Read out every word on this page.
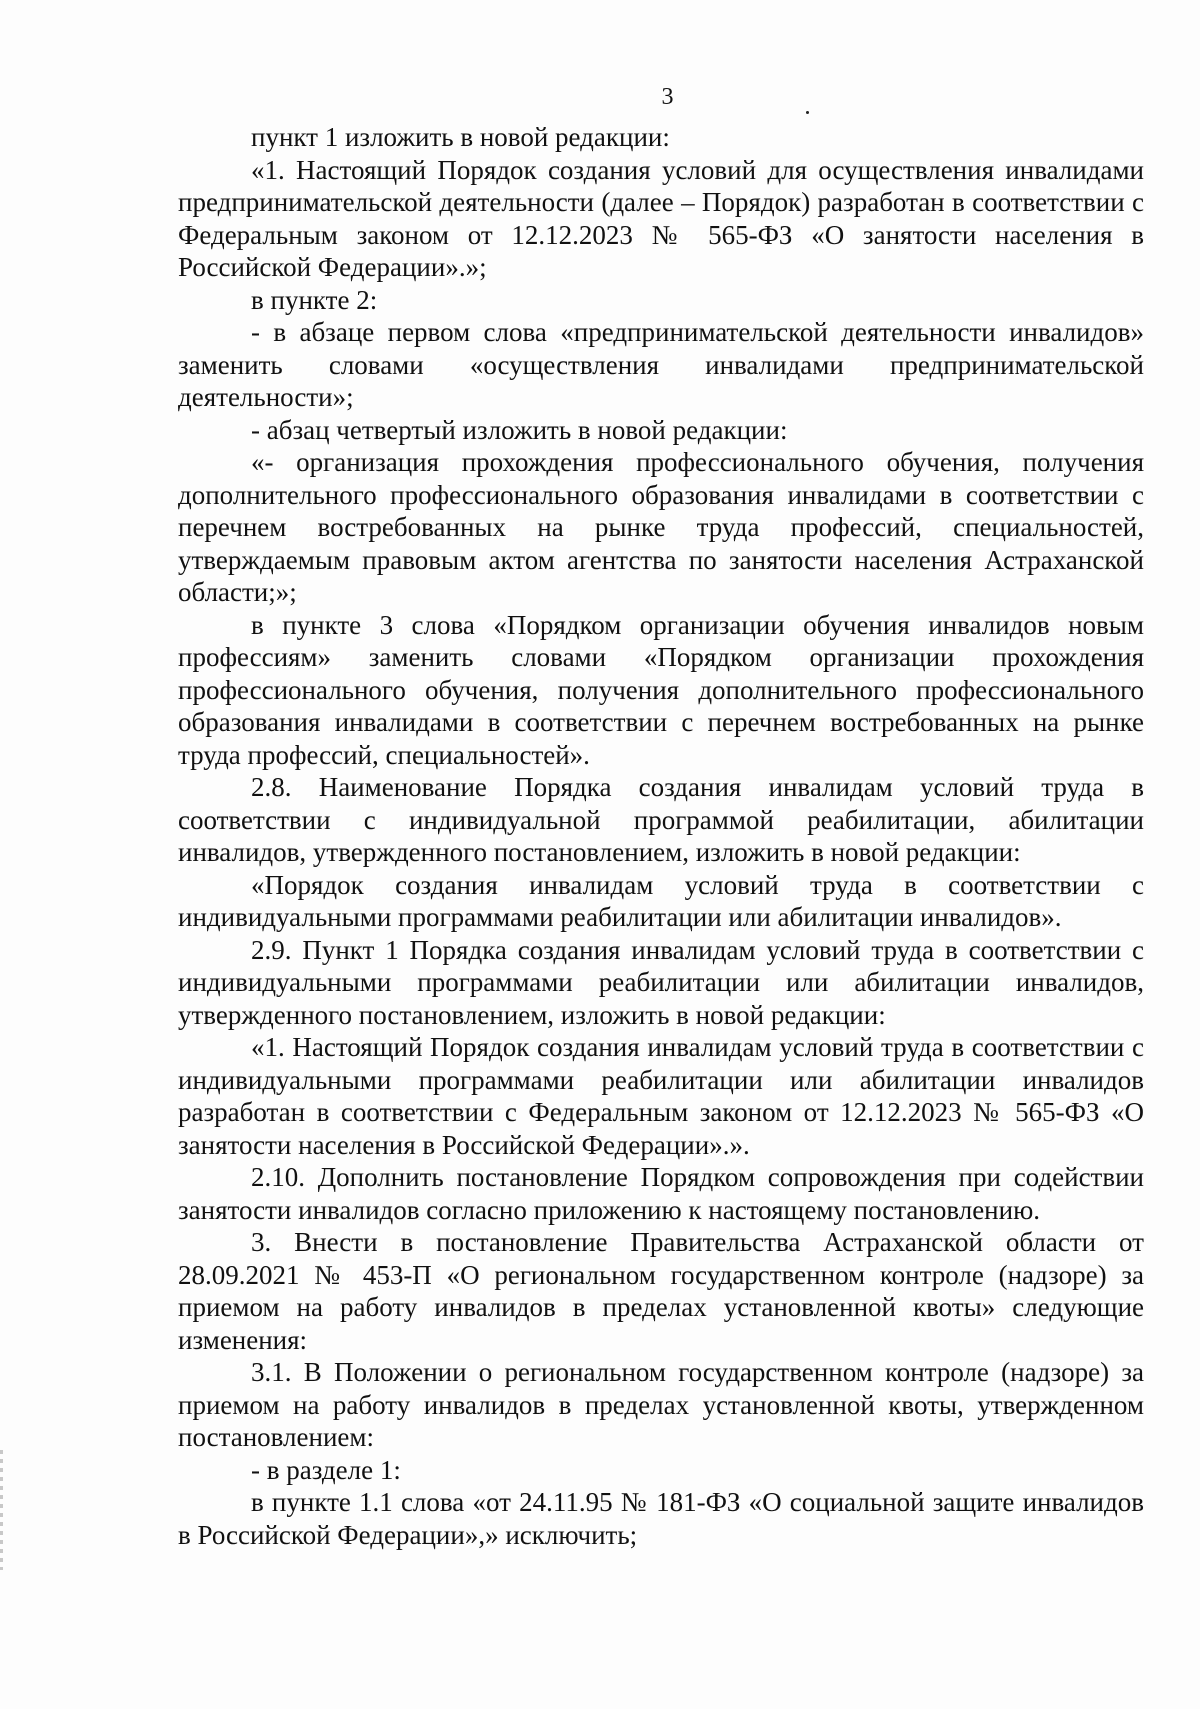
3

пункт 1 изложить в новой редакции:

«1. Настоящий Порядок создания условий для осуществления инвалидами предпринимательской деятельности (далее – Порядок) разработан в соответствии с Федеральным законом от 12.12.2023 № 565-ФЗ «О занятости населения в Российской Федерации».»;

в пункте 2:

- в абзаце первом слова «предпринимательской деятельности инвалидов» заменить словами «осуществления инвалидами предпринимательской деятельности»;

- абзац четвертый изложить в новой редакции:

«- организация прохождения профессионального обучения, получения дополнительного профессионального образования инвалидами в соответствии с перечнем востребованных на рынке труда профессий, специальностей, утверждаемым правовым актом агентства по занятости населения Астраханской области;»;

в пункте 3 слова «Порядком организации обучения инвалидов новым профессиям» заменить словами «Порядком организации прохождения профессионального обучения, получения дополнительного профессионального образования инвалидами в соответствии с перечнем востребованных на рынке труда профессий, специальностей».

2.8. Наименование Порядка создания инвалидам условий труда в соответствии с индивидуальной программой реабилитации, абилитации инвалидов, утвержденного постановлением, изложить в новой редакции:

«Порядок создания инвалидам условий труда в соответствии с индивидуальными программами реабилитации или абилитации инвалидов».

2.9. Пункт 1 Порядка создания инвалидам условий труда в соответствии с индивидуальными программами реабилитации или абилитации инвалидов, утвержденного постановлением, изложить в новой редакции:

«1. Настоящий Порядок создания инвалидам условий труда в соответствии с индивидуальными программами реабилитации или абилитации инвалидов разработан в соответствии с Федеральным законом от 12.12.2023 № 565-ФЗ «О занятости населения в Российской Федерации».».

2.10. Дополнить постановление Порядком сопровождения при содействии занятости инвалидов согласно приложению к настоящему постановлению.

3. Внести в постановление Правительства Астраханской области от 28.09.2021 № 453-П «О региональном государственном контроле (надзоре) за приемом на работу инвалидов в пределах установленной квоты» следующие изменения:

3.1. В Положении о региональном государственном контроле (надзоре) за приемом на работу инвалидов в пределах установленной квоты, утвержденном постановлением:

- в разделе 1:

в пункте 1.1 слова «от 24.11.95 № 181-ФЗ «О социальной защите инвалидов в Российской Федерации»,» исключить;
